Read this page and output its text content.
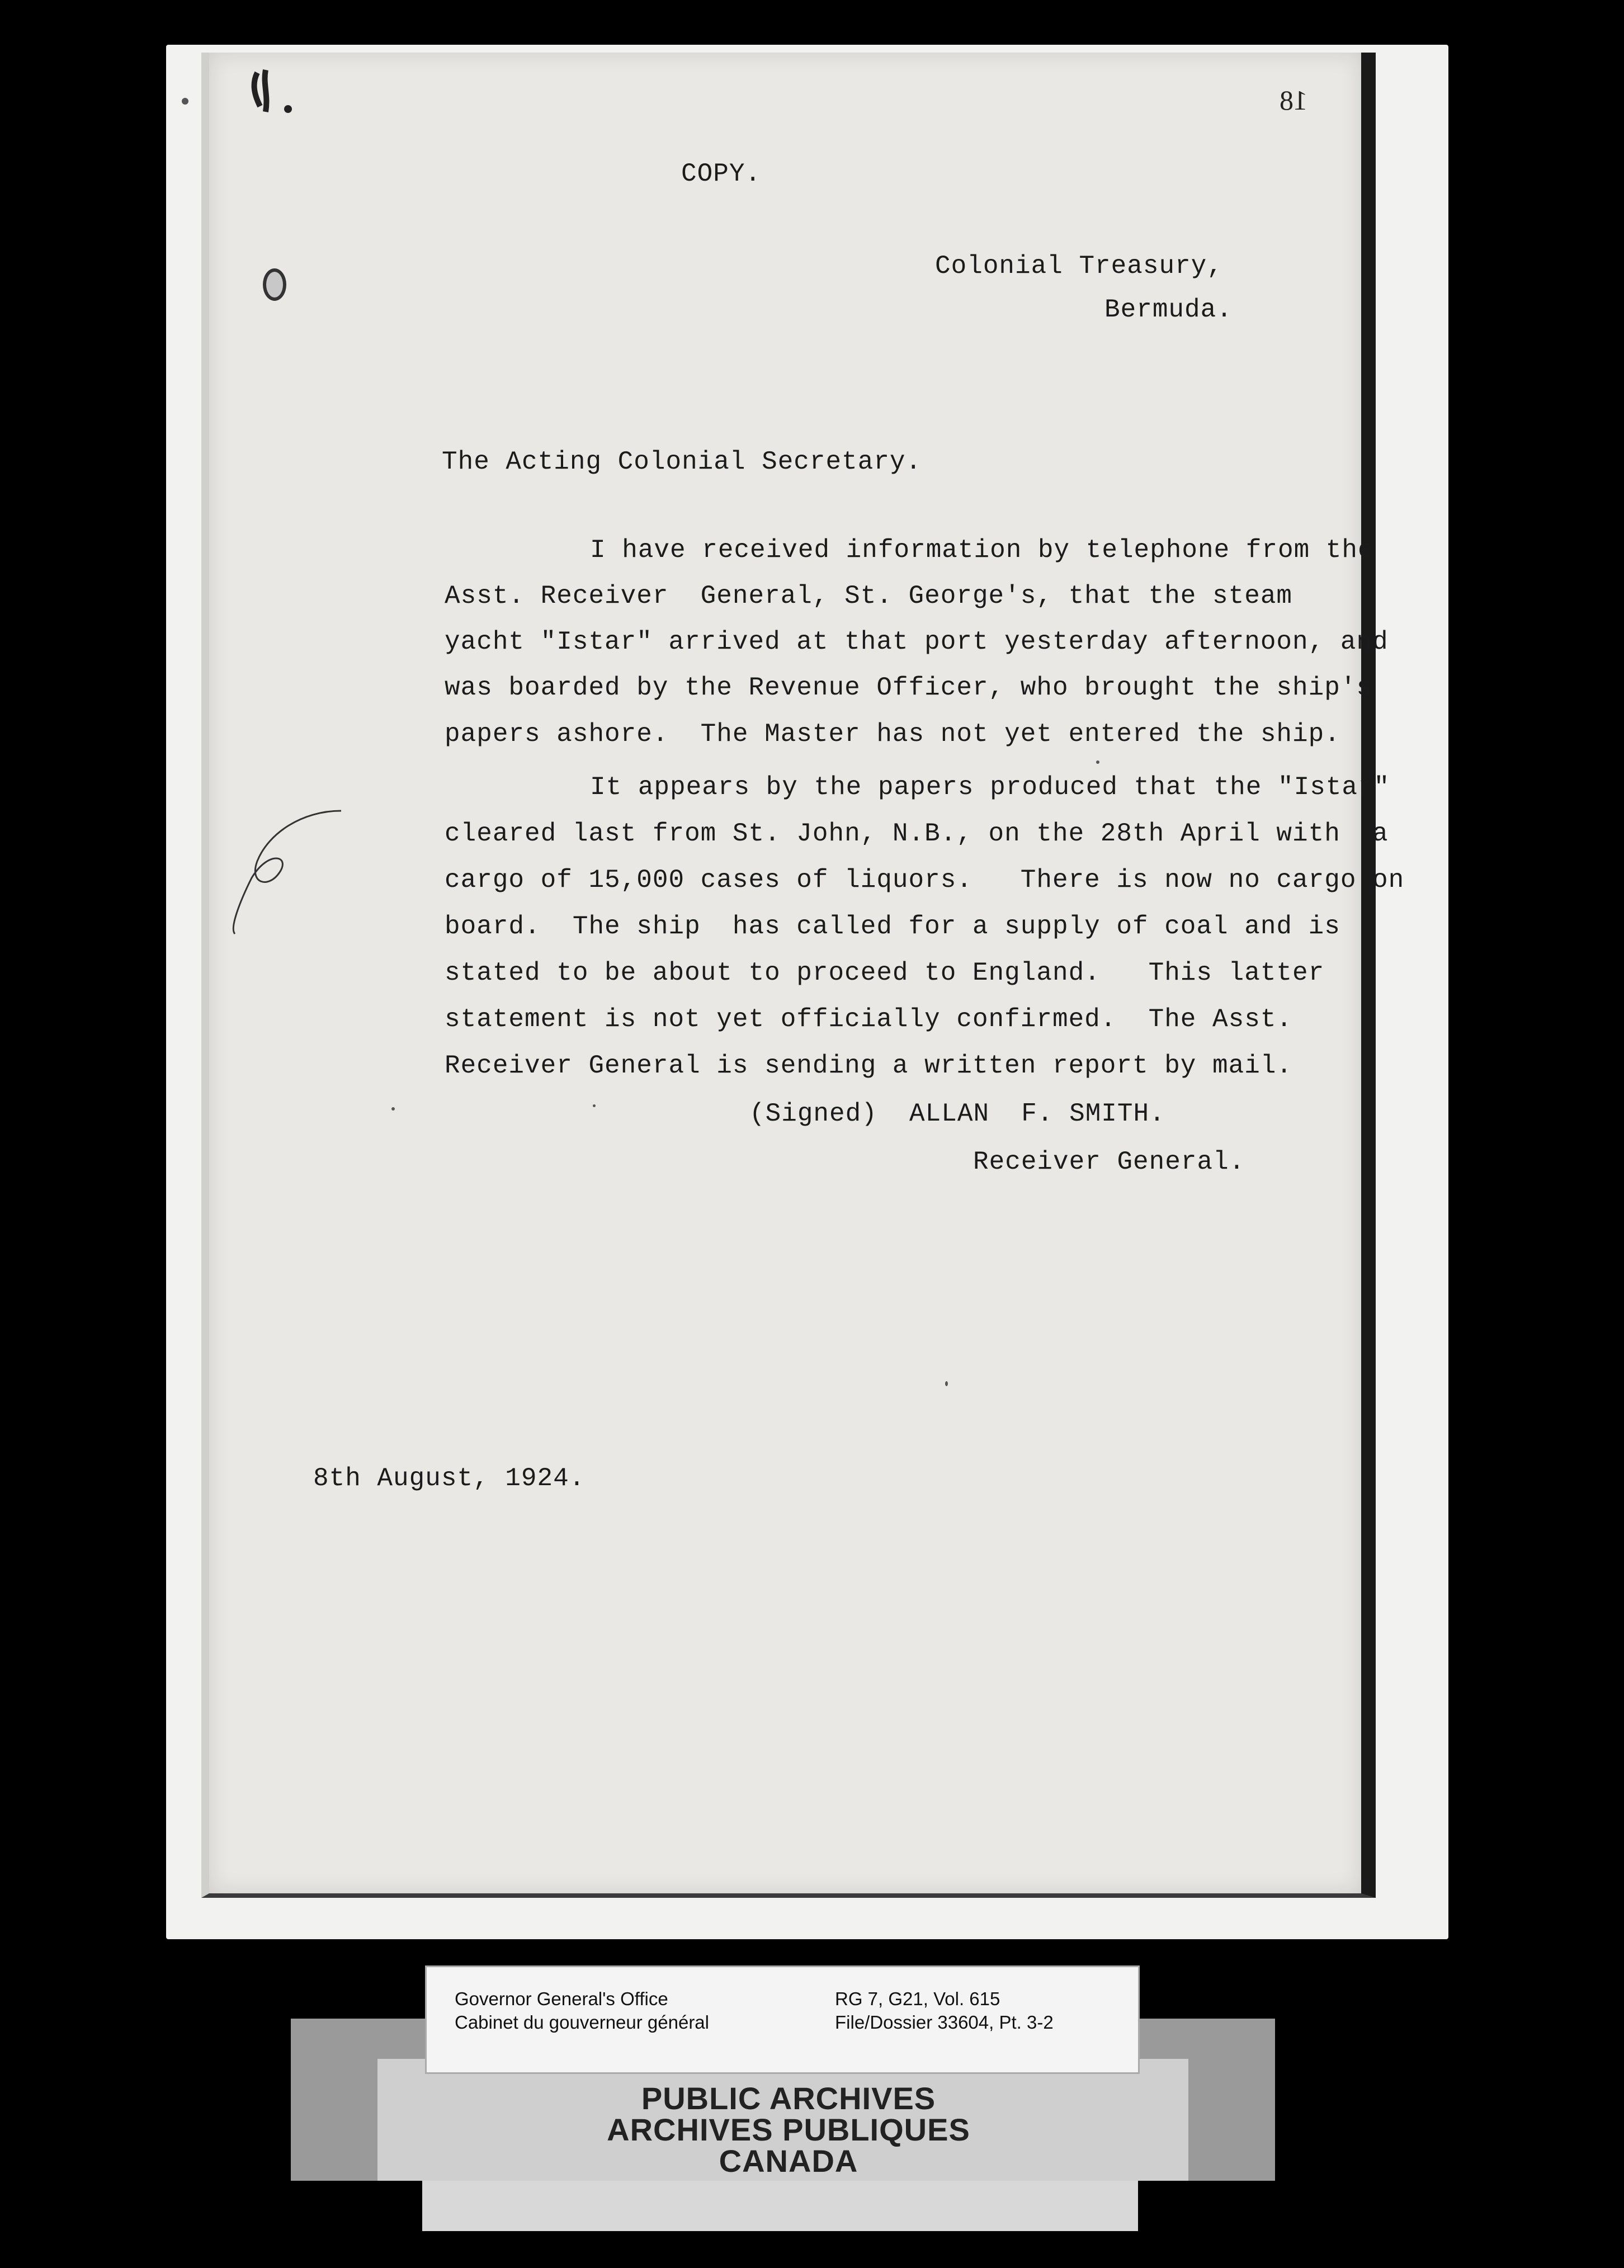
18
COPY.
Colonial Treasury,
Bermuda.
The Acting Colonial Secretary.
I have received information by telephone from the
Asst. Receiver  General, St. George's, that the steam
yacht "Istar" arrived at that port yesterday afternoon, and
was boarded by the Revenue Officer, who brought the ship's
papers ashore.  The Master has not yet entered the ship.
It appears by the papers produced that the "Istar"
cleared last from St. John, N.B., on the 28th April with  a
cargo of 15,000 cases of liquors.   There is now no cargo on
board.  The ship  has called for a supply of coal and is
stated to be about to proceed to England.   This latter
statement is not yet officially confirmed.  The Asst.
Receiver General is sending a written report by mail.
(Signed)  ALLAN  F. SMITH.
Receiver General.
8th August, 1924.
Governor General's Office
Cabinet du gouverneur général
RG 7, G21, Vol. 615
File/Dossier 33604, Pt. 3-2
PUBLIC ARCHIVES
ARCHIVES PUBLIQUES
CANADA
